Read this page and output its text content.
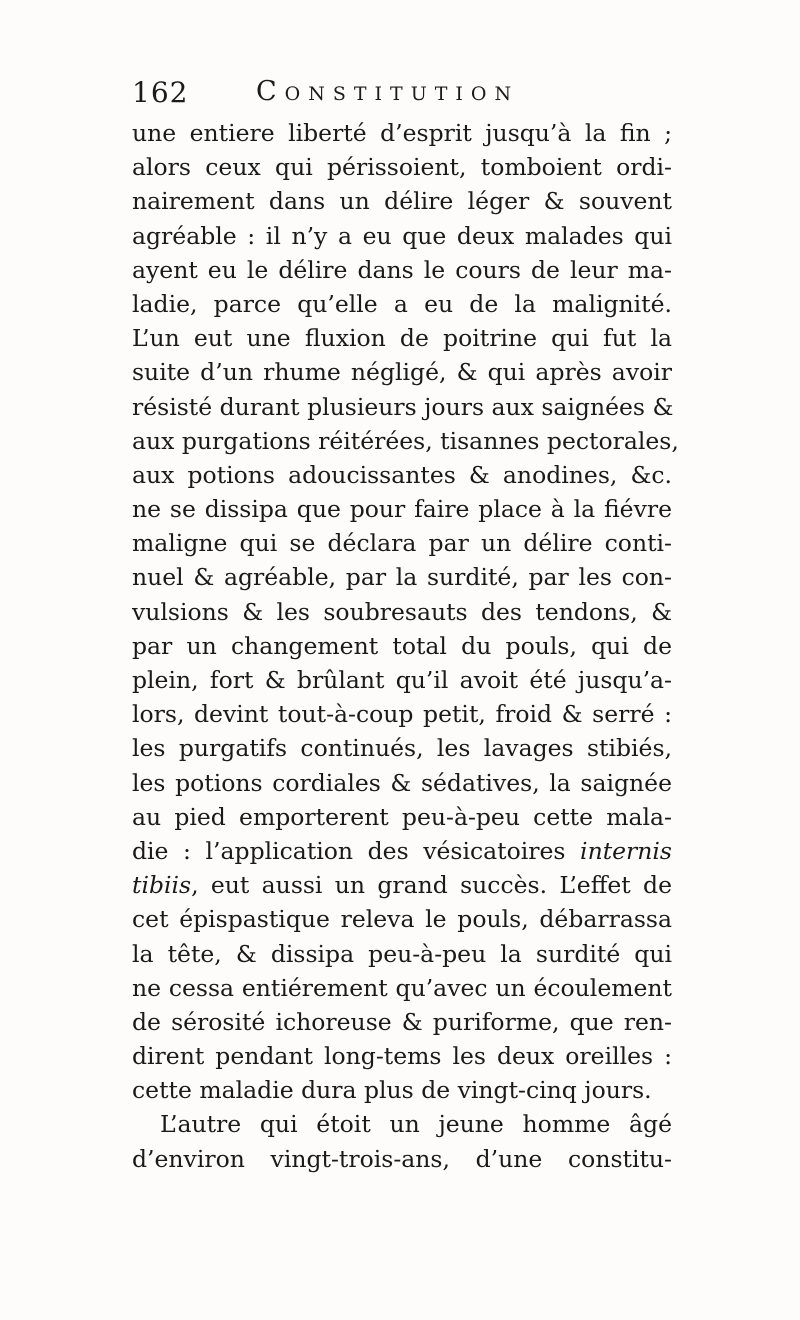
162	Constitution
une entiere liberté d’esprit jusqu’à la fin ;
alors ceux qui périssoient, tomboient ordi-
nairement dans un délire léger & souvent
agréable : il n’y a eu que deux malades qui
ayent eu le délire dans le cours de leur ma-
ladie, parce qu’elle a eu de la malignité.
L’un eut une fluxion de poitrine qui fut la
suite d’un rhume négligé, & qui après avoir
résisté durant plusieurs jours aux saignées &
aux purgations réitérées, tisannes pectorales,
aux potions adoucissantes & anodines, &c.
ne se dissipa que pour faire place à la fiévre
maligne qui se déclara par un délire conti-
nuel & agréable, par la surdité, par les con-
vulsions & les soubresauts des tendons, &
par un changement total du pouls, qui de
plein, fort & brûlant qu’il avoit été jusqu’a-
lors, devint tout-à-coup petit, froid & serré :
les purgatifs continués, les lavages stibiés,
les potions cordiales & sédatives, la saignée
au pied emporterent peu-à-peu cette mala-
die : l’application des vésicatoires internis
tibiis, eut aussi un grand succès. L’effet de
cet épispastique releva le pouls, débarrassa
la tête, & dissipa peu-à-peu la surdité qui
ne cessa entiérement qu’avec un écoulement
de sérosité ichoreuse & puriforme, que ren-
dirent pendant long-tems les deux oreilles :
cette maladie dura plus de vingt-cinq jours.
L’autre qui étoit un jeune homme âgé
d’environ vingt-trois-ans, d’une constitu-
